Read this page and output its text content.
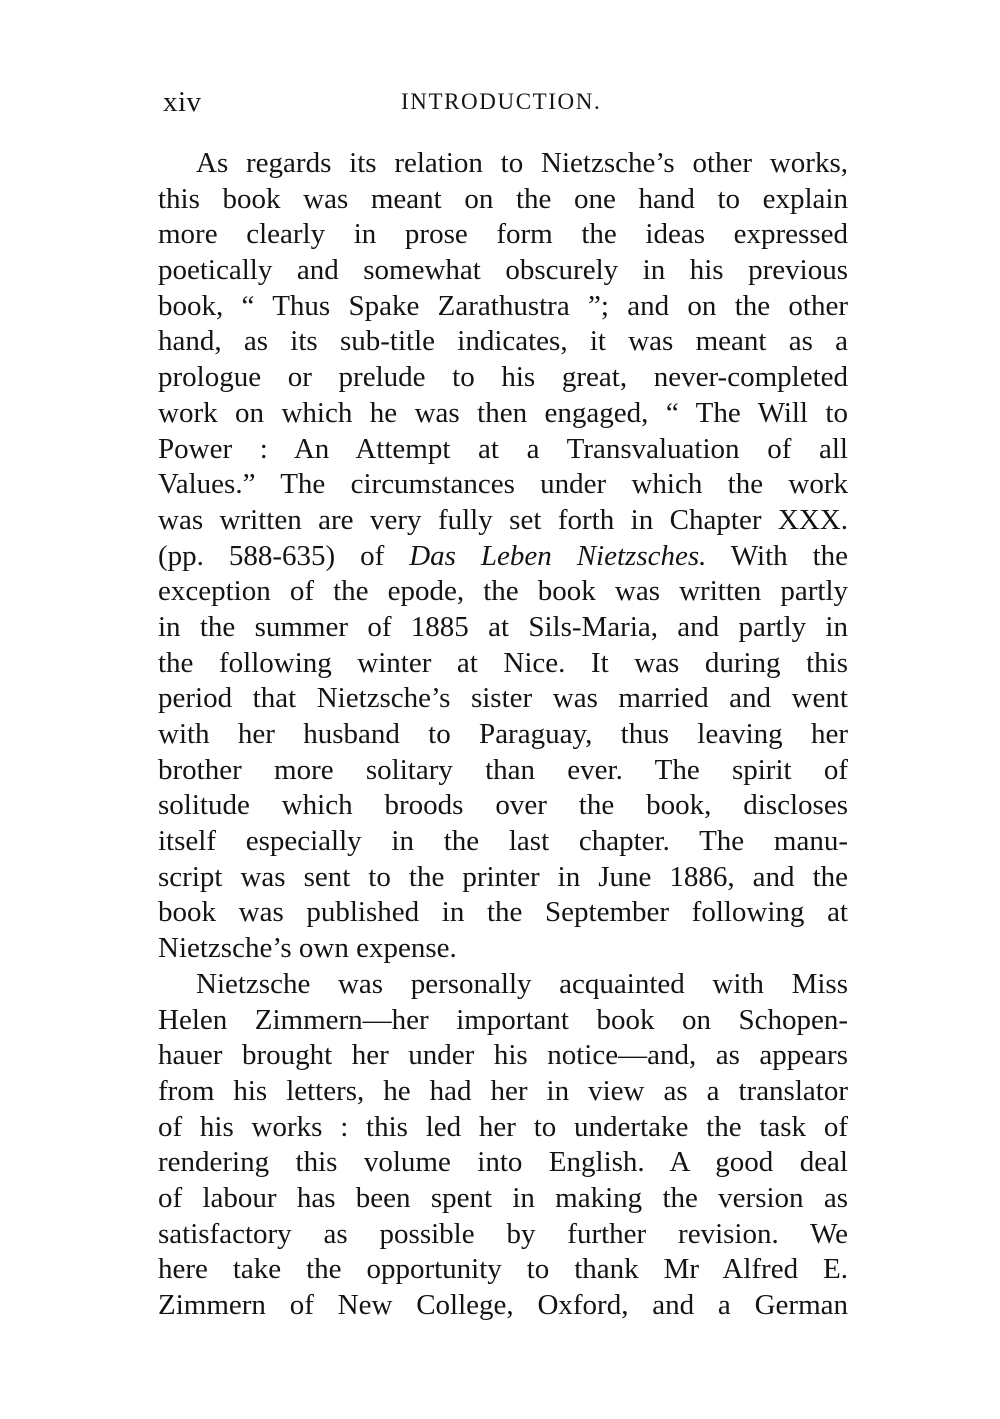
xiv	INTRODUCTION.
As regards its relation to Nietzsche’s other works,
this book was meant on the one hand to explain
more clearly in prose form the ideas expressed
poetically and somewhat obscurely in his previous
book, “ Thus Spake Zarathustra ”; and on the other
hand, as its sub-title indicates, it was meant as a
prologue or prelude to his great, never-completed
work on which he was then engaged, “ The Will to
Power : An Attempt at a Transvaluation of all
Values.” The circumstances under which the work
was written are very fully set forth in Chapter XXX.
(pp. 588-635) of Das Leben Nietzsches. With the
exception of the epode, the book was written partly
in the summer of 1885 at Sils-Maria, and partly in
the following winter at Nice. It was during this
period that Nietzsche’s sister was married and went
with her husband to Paraguay, thus leaving her
brother more solitary than ever. The spirit of
solitude which broods over the book, discloses
itself especially in the last chapter. The manu-
script was sent to the printer in June 1886, and the
book was published in the September following at
Nietzsche’s own expense.
Nietzsche was personally acquainted with Miss
Helen Zimmern—her important book on Schopen-
hauer brought her under his notice—and, as appears
from his letters, he had her in view as a translator
of his works : this led her to undertake the task of
rendering this volume into English. A good deal
of labour has been spent in making the version as
satisfactory as possible by further revision. We
here take the opportunity to thank Mr Alfred E.
Zimmern of New College, Oxford, and a German
